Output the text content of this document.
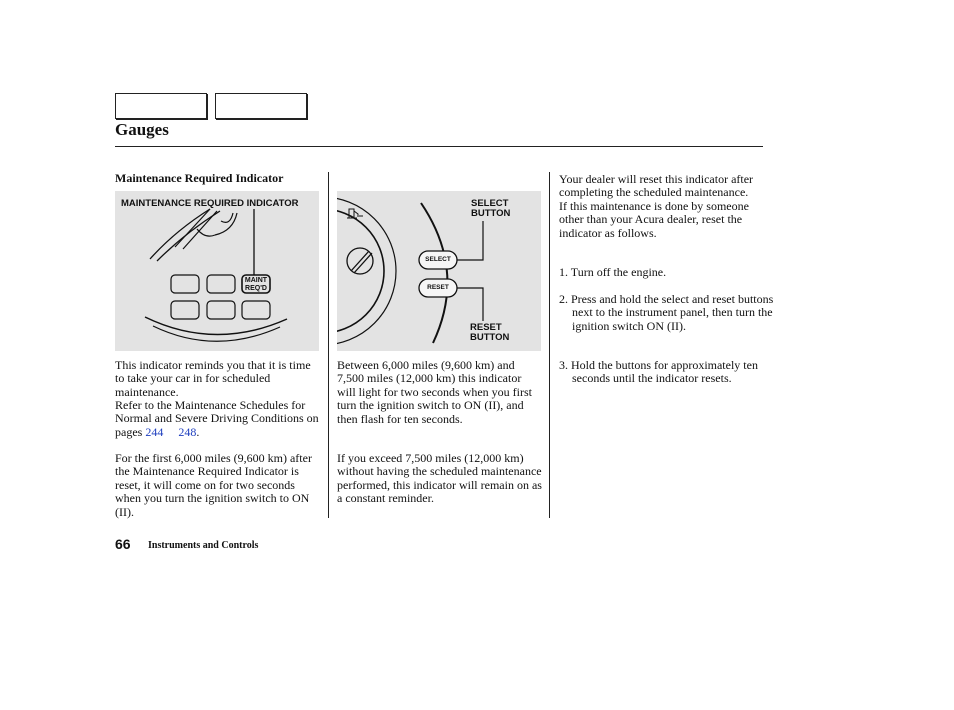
Gauges
Maintenance Required Indicator
MAINTENANCE REQUIRED INDICATOR
MAINT
REQ'D
This indicator reminds you that it is time to take your car in for scheduled maintenance.
Refer to the Maintenance Schedules for Normal and Severe Driving Conditions on pages 244 248.
For the first 6,000 miles (9,600 km) after the Maintenance Required Indicator is reset, it will come on for two seconds when you turn the ignition switch to ON (II).
SELECT
RESET
SELECT
BUTTON
RESET
BUTTON
Between 6,000 miles (9,600 km) and 7,500 miles (12,000 km) this indicator will light for two seconds when you first turn the ignition switch to ON (II), and then flash for ten seconds.
If you exceed 7,500 miles (12,000 km) without having the scheduled maintenance performed, this indicator will remain on as a constant reminder.
Your dealer will reset this indicator after completing the scheduled maintenance. If this maintenance is done by someone other than your Acura dealer, reset the indicator as follows.
1. Turn off the engine.
2. Press and hold the select and reset buttons next to the instrument panel, then turn the ignition switch ON (II).
3. Hold the buttons for approximately ten seconds until the indicator resets.
66 Instruments and Controls
